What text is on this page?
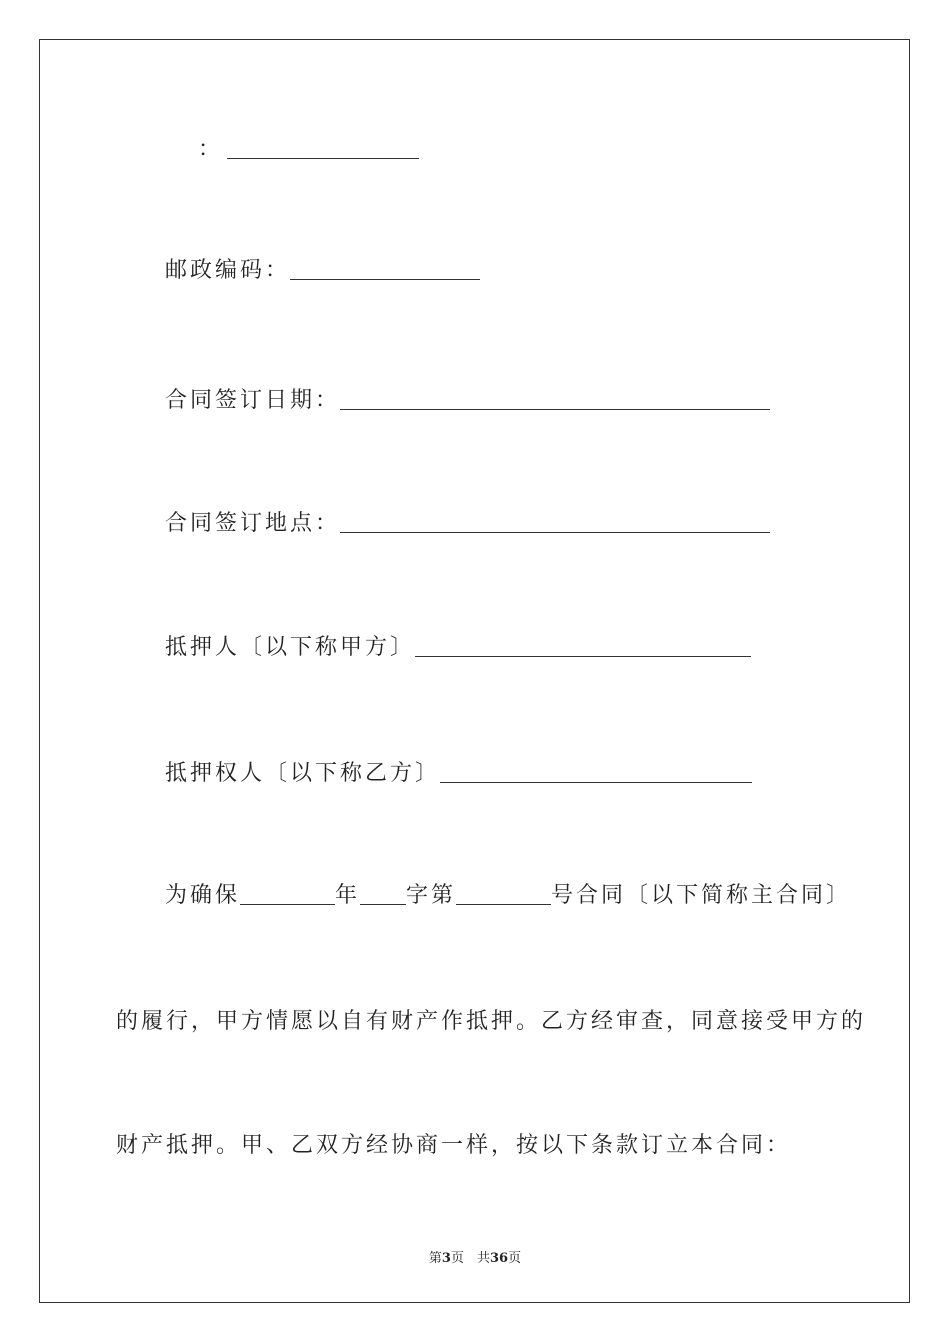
：
邮政编码：
合同签订日期：
合同签订地点：
抵押人〔以下称甲方〕
抵押权人〔以下称乙方〕
为确保	年 字第	号合同〔以下简称主合同〕
的履行，甲方情愿以自有财产作抵押。乙方经审查，同意接受甲方的
财产抵押。甲、乙双方经协商一样，按以下条款订立本合同：
第3页　共36页
